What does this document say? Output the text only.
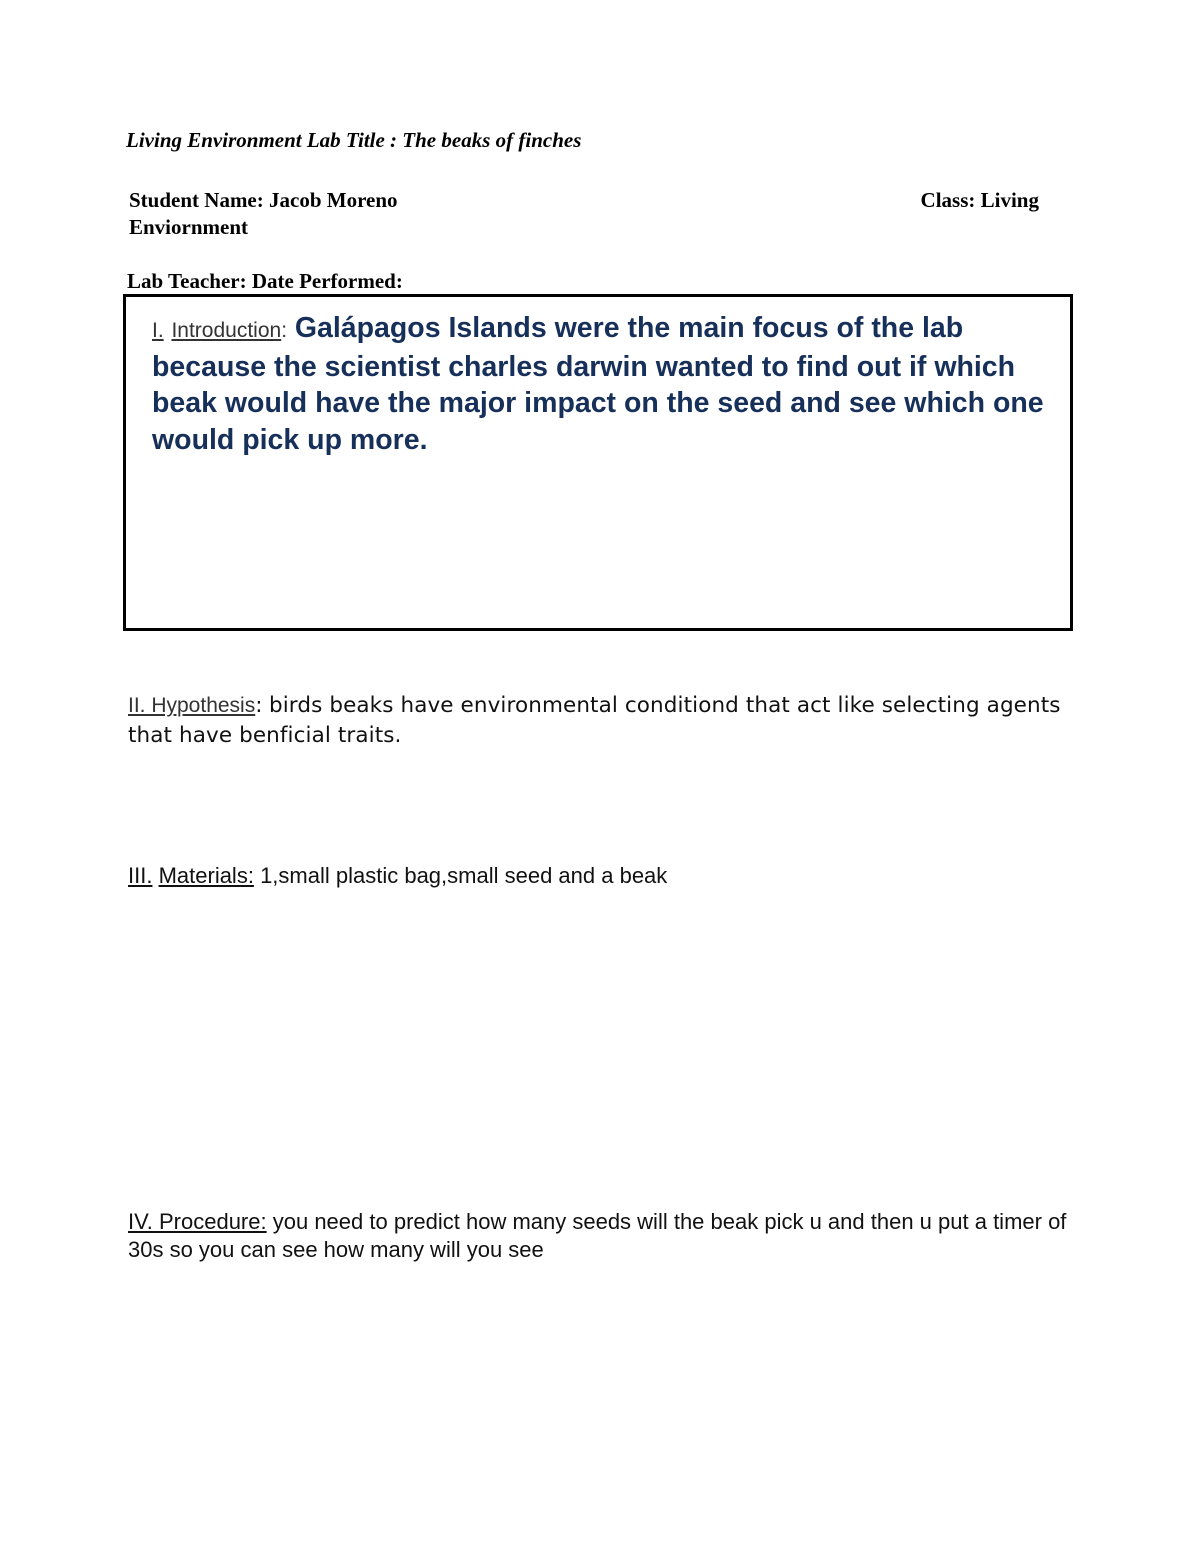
Living Environment Lab Title : The beaks of finches
Student Name: Jacob Moreno	Class: Living
Enviornment
Lab Teacher: Date Performed:
I. Introduction: Galápagos Islands were the main focus of the lab because the scientist charles darwin wanted to find out if which beak would have the major impact on the seed and see which one would pick up more.
II. Hypothesis: birds beaks have environmental conditiond that act like selecting agents that have benficial traits.
III. Materials: 1,small plastic bag,small seed and a beak
IV. Procedure: you need to predict how many seeds will the beak pick u and then u put a timer of 30s so you can see how many will you see
